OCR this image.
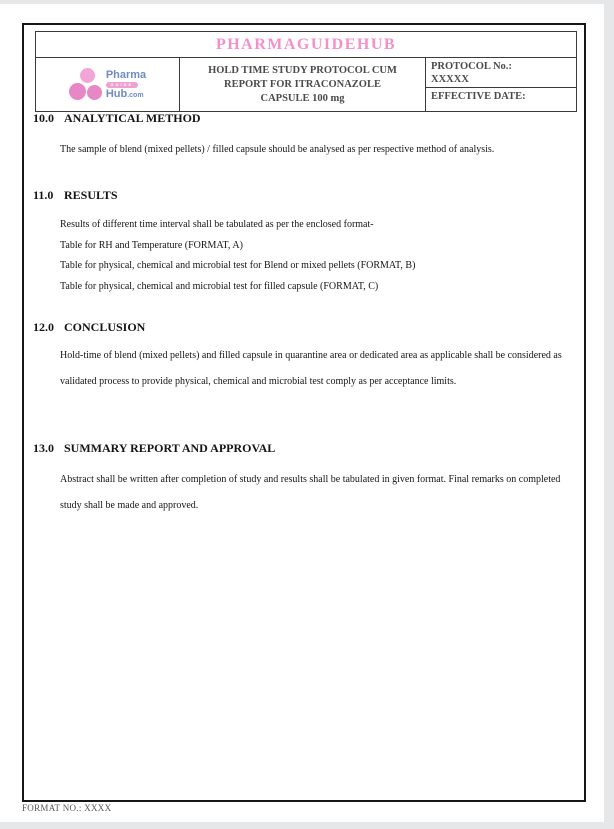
PHARMAGUIDEHUB
Pharma
GUIDE
Hub .com
HOLD TIME STUDY PROTOCOL CUM
REPORT FOR ITRACONAZOLE
CAPSULE 100 mg
PROTOCOL No.:
XXXXX
EFFECTIVE DATE:
10.0 ANALYTICAL METHOD
The sample of blend (mixed pellets) / filled capsule should be analysed as per respective method of analysis.
11.0 RESULTS
Results of different time interval shall be tabulated as per the enclosed format-
Table for RH and Temperature (FORMAT, A)
Table for physical, chemical and microbial test for Blend or mixed pellets (FORMAT, B)
Table for physical, chemical and microbial test for filled capsule (FORMAT, C)
12.0 CONCLUSION
Hold-time of blend (mixed pellets) and filled capsule in quarantine area or dedicated area as applicable shall be considered as validated process to provide physical, chemical and microbial test comply as per acceptance limits.
13.0 SUMMARY REPORT AND APPROVAL
Abstract shall be written after completion of study and results shall be tabulated in given format. Final remarks on completed study shall be made and approved.
FORMAT NO.: XXXX
